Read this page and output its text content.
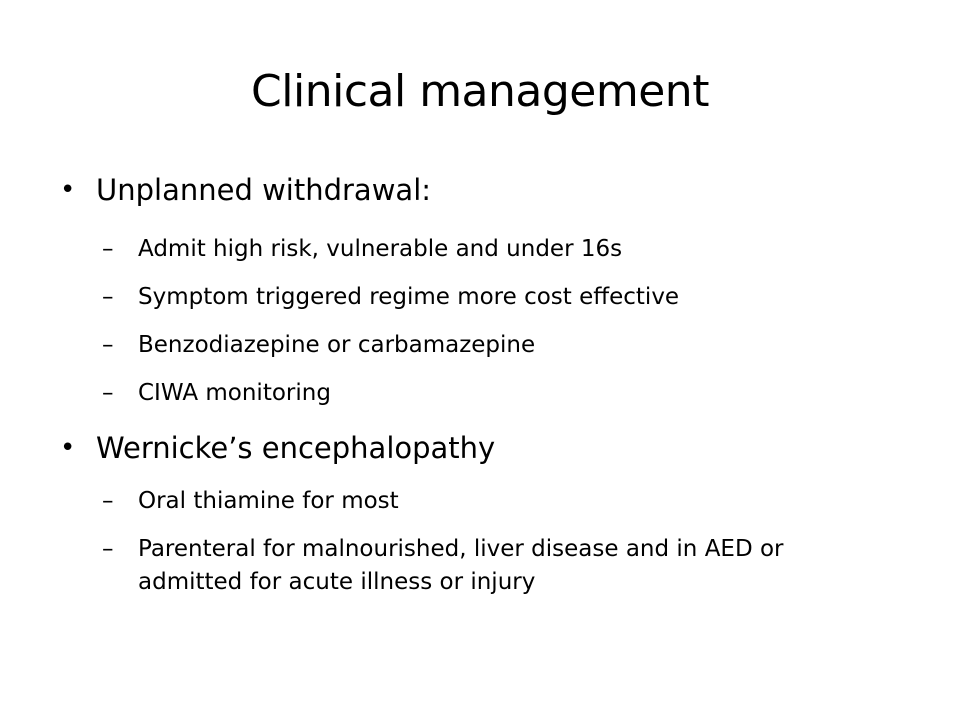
Clinical management
• Unplanned withdrawal:
– Admit high risk, vulnerable and under 16s
– Symptom triggered regime more cost effective
– Benzodiazepine or carbamazepine
– CIWA monitoring
• Wernicke’s encephalopathy
– Oral thiamine for most
– Parenteral for malnourished, liver disease and in AED or admitted for acute illness or injury
